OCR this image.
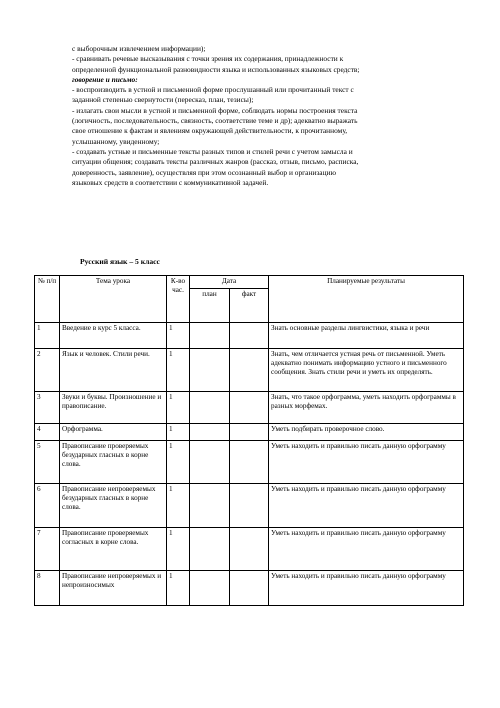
с выборочным извлечением информации);

- сравнивать речевые высказывания с точки зрения их содержания, принадлежности к

определенной функциональной разновидности языка и использованных языковых средств;

говорение и письмо:

- воспроизводить в устной и письменной форме прослушанный или прочитанный текст с

заданной степенью свернутости (пересказ, план, тезисы);

- излагать свои мысли в устной и письменной форме, соблюдать нормы построения текста

(логичность, последовательность, связность, соответствие теме и др); адекватно выражать

свое отношение к фактам и явлениям окружающей действительности, к прочитанному,

услышанному, увиденному;

- создавать устные и письменные тексты разных типов и стилей речи с учетом замысла и

ситуации общения; создавать тексты различных жанров (рассказ, отзыв, письмо, расписка,

доверенность, заявление), осуществляя при этом осознанный выбор и организацию

языковых средств в соответствии с коммуникативной задачей.

Русский язык – 5 класс
№ п/п	Тема урока	К-во час.	Дата		Планируемые результаты
			план	факт	
1	Введение в курс 5 класса.	1			Знать основные разделы лингвистики, языка и речи
2	Язык и человек. Стили речи.	1			Знать, чем отличается устная речь от письменной. Уметь адекватно понимать информацию устного и письменного сообщения. Знать стили речи и уметь их определять.
3	Звуки и буквы. Произношение и правописание.	1			Знать, что такое орфограмма, уметь находить орфограммы в разных морфемах.
4	Орфограмма.	1			Уметь подбирать проверочное слово.
5	Правописание проверяемых безударных гласных в корне слова.	1			Уметь находить и правильно писать данную орфограмму
6	Правописание непроверяемых безударных гласных в корне слова.	1			Уметь находить и правильно писать данную орфограмму
7	Правописание проверяемых согласных в корне слова.	1			Уметь находить и правильно писать данную орфограмму
8	Правописание непроверяемых и непроизносимых	1			Уметь находить и правильно писать данную орфограмму
